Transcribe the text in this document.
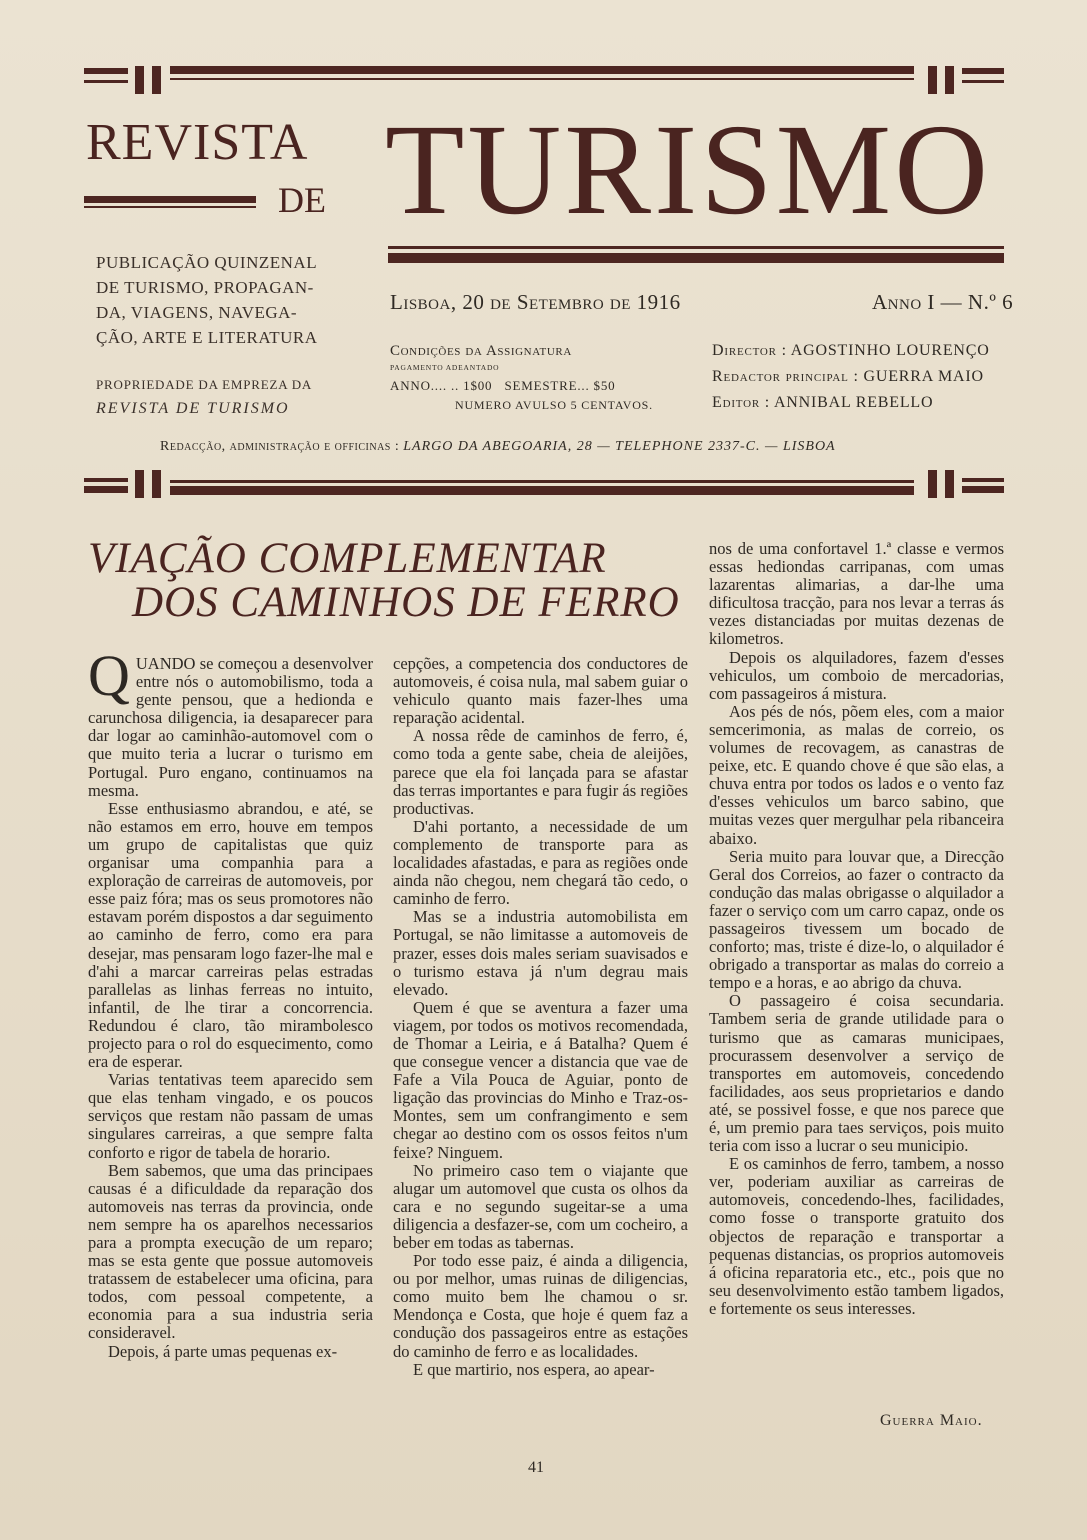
REVISTA
DE TURISMO
PUBLICAÇÃO QUINZENAL
DE TURISMO, PROPAGAN-
DA, VIAGENS, NAVEGA-
ÇÃO, ARTE E LITERATURA
PROPRIEDADE DA EMPREZA DA
REVISTA DE TURISMO
Lisboa, 20 de Setembro de 1916	Anno I — N.º 6
Condições da Assignatura
PAGAMENTO ADEANTADO
ANNO.... .. 1$00   SEMESTRE... $50
NUMERO AVULSO 5 CENTAVOS.
Director : AGOSTINHO LOURENÇO
Redactor principal : GUERRA MAIO
Editor : ANNIBAL REBELLO
Redacção, administração e officinas : LARGO DA ABEGOARIA, 28 — TELEPHONE 2337-C. — LISBOA
VIAÇÃO COMPLEMENTAR
DOS CAMINHOS DE FERRO

QUANDO se começou a desenvolver entre nós o automobilismo, toda a gente pensou, que a hedionda e carunchosa diligencia, ia desaparecer para dar logar ao caminhão-automovel com o que muito teria a lucrar o turismo em Portugal. Puro engano, continuamos na mesma.

Esse enthusiasmo abrandou, e até, se não estamos em erro, houve em tempos um grupo de capitalistas que quiz organisar uma companhia para a exploração de carreiras de automoveis, por esse paiz fóra; mas os seus promotores não estavam porém dispostos a dar seguimento ao caminho de ferro, como era para desejar, mas pensaram logo fazer-lhe mal e d'ahi a marcar carreiras pelas estradas parallelas as linhas ferreas no intuito, infantil, de lhe tirar a concorrencia. Redundou é claro, tão mirambolesco projecto para o rol do esquecimento, como era de esperar.

Varias tentativas teem aparecido sem que elas tenham vingado, e os poucos serviços que restam não passam de umas singulares carreiras, a que sempre falta conforto e rigor de tabela de horario.

Bem sabemos, que uma das principaes causas é a dificuldade da reparação dos automoveis nas terras da provincia, onde nem sempre ha os aparelhos necessarios para a prompta execução de um reparo; mas se esta gente que possue automoveis tratassem de estabelecer uma oficina, para todos, com pessoal competente, a economia para a sua industria seria consideravel.

Depois, á parte umas pequenas ex-

cepções, a competencia dos conductores de automoveis, é coisa nula, mal sabem guiar o vehiculo quanto mais fazer-lhes uma reparação acidental.

A nossa rêde de caminhos de ferro, é, como toda a gente sabe, cheia de aleijões, parece que ela foi lançada para se afastar das terras importantes e para fugir ás regiões productivas.

D'ahi portanto, a necessidade de um complemento de transporte para as localidades afastadas, e para as regiões onde ainda não chegou, nem chegará tão cedo, o caminho de ferro.

Mas se a industria automobilista em Portugal, se não limitasse a automoveis de prazer, esses dois males seriam suavisados e o turismo estava já n'um degrau mais elevado.

Quem é que se aventura a fazer uma viagem, por todos os motivos recomendada, de Thomar a Leiria, e á Batalha? Quem é que consegue vencer a distancia que vae de Fafe a Vila Pouca de Aguiar, ponto de ligação das provincias do Minho e Traz-os-Montes, sem um confrangimento e sem chegar ao destino com os ossos feitos n'um feixe? Ninguem.

No primeiro caso tem o viajante que alugar um automovel que custa os olhos da cara e no segundo sugeitar-se a uma diligencia a desfazer-se, com um cocheiro, a beber em todas as tabernas.

Por todo esse paiz, é ainda a diligencia, ou por melhor, umas ruinas de diligencias, como muito bem lhe chamou o sr. Mendonça e Costa, que hoje é quem faz a condução dos passageiros entre as estações do caminho de ferro e as localidades.

E que martirio, nos espera, ao apear-

nos de uma confortavel 1.ª classe e vermos essas hediondas carripanas, com umas lazarentas alimarias, a dar-lhe uma dificultosa tracção, para nos levar a terras ás vezes distanciadas por muitas dezenas de kilometros.

Depois os alquiladores, fazem d'esses vehiculos, um comboio de mercadorias, com passageiros á mistura.

Aos pés de nós, põem eles, com a maior semcerimonia, as malas de correio, os volumes de recovagem, as canastras de peixe, etc. E quando chove é que são elas, a chuva entra por todos os lados e o vento faz d'esses vehiculos um barco sabino, que muitas vezes quer mergulhar pela ribanceira abaixo.

Seria muito para louvar que, a Direcção Geral dos Correios, ao fazer o contracto da condução das malas obrigasse o alquilador a fazer o serviço com um carro capaz, onde os passageiros tivessem um bocado de conforto; mas, triste é dize-lo, o alquilador é obrigado a transportar as malas do correio a tempo e a horas, e ao abrigo da chuva.

O passageiro é coisa secundaria. Tambem seria de grande utilidade para o turismo que as camaras municipaes, procurassem desenvolver a serviço de transportes em automoveis, concedendo facilidades, aos seus proprietarios e dando até, se possivel fosse, e que nos parece que é, um premio para taes serviços, pois muito teria com isso a lucrar o seu municipio.

E os caminhos de ferro, tambem, a nosso ver, poderiam auxiliar as carreiras de automoveis, concedendo-lhes, facilidades, como fosse o transporte gratuito dos objectos de reparação e transportar a pequenas distancias, os proprios automoveis á oficina reparatoria etc., etc., pois que no seu desenvolvimento estão tambem ligados, e fortemente os seus interesses.

Guerra Maio.
41
